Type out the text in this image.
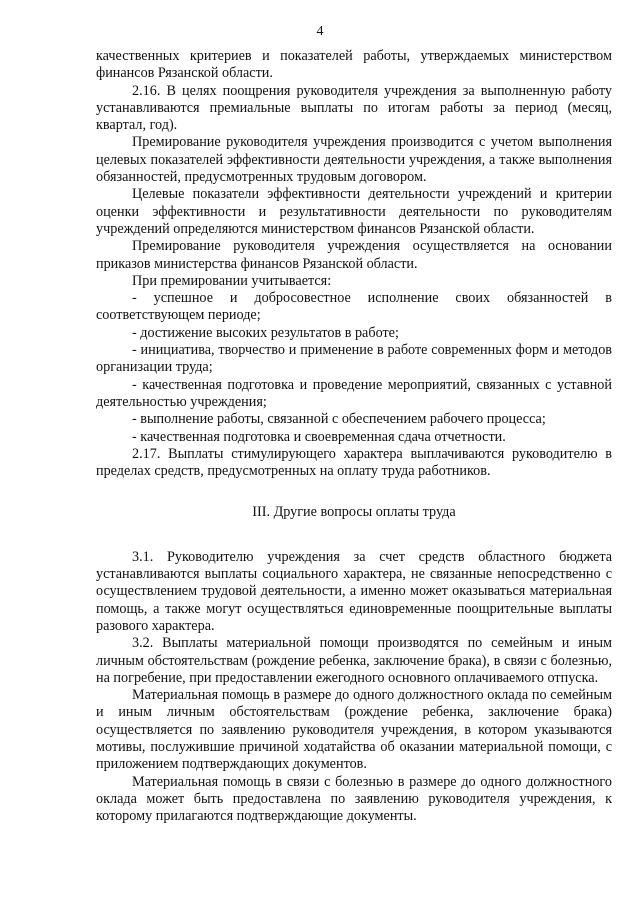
4

качественных критериев и показателей работы, утверждаемых министерством финансов Рязанской области.

2.16. В целях поощрения руководителя учреждения за выполненную работу устанавливаются премиальные выплаты по итогам работы за период (месяц, квартал, год).

Премирование руководителя учреждения производится с учетом выполнения целевых показателей эффективности деятельности учреждения, а также выполнения обязанностей, предусмотренных трудовым договором.

Целевые показатели эффективности деятельности учреждений и критерии оценки эффективности и результативности деятельности по руководителям учреждений определяются министерством финансов Рязанской области.

Премирование руководителя учреждения осуществляется на основании приказов министерства финансов Рязанской области.

При премировании учитывается:

- успешное и добросовестное исполнение своих обязанностей в соответствующем периоде;

- достижение высоких результатов в работе;

- инициатива, творчество и применение в работе современных форм и методов организации труда;

- качественная подготовка и проведение мероприятий, связанных с уставной деятельностью учреждения;

- выполнение работы, связанной с обеспечением рабочего процесса;

- качественная подготовка и своевременная сдача отчетности.

2.17. Выплаты стимулирующего характера выплачиваются руководителю в пределах средств, предусмотренных на оплату труда работников.

III. Другие вопросы оплаты труда

3.1. Руководителю учреждения за счет средств областного бюджета устанавливаются выплаты социального характера, не связанные непосредственно с осуществлением трудовой деятельности, а именно может оказываться материальная помощь, а также могут осуществляться единовременные поощрительные выплаты разового характера.

3.2. Выплаты материальной помощи производятся по семейным и иным личным обстоятельствам (рождение ребенка, заключение брака), в связи с болезнью, на погребение, при предоставлении ежегодного основного оплачиваемого отпуска.

Материальная помощь в размере до одного должностного оклада по семейным и иным личным обстоятельствам (рождение ребенка, заключение брака) осуществляется по заявлению руководителя учреждения, в котором указываются мотивы, послужившие причиной ходатайства об оказании материальной помощи, с приложением подтверждающих документов.

Материальная помощь в связи с болезнью в размере до одного должностного оклада может быть предоставлена по заявлению руководителя учреждения, к которому прилагаются подтверждающие документы.
